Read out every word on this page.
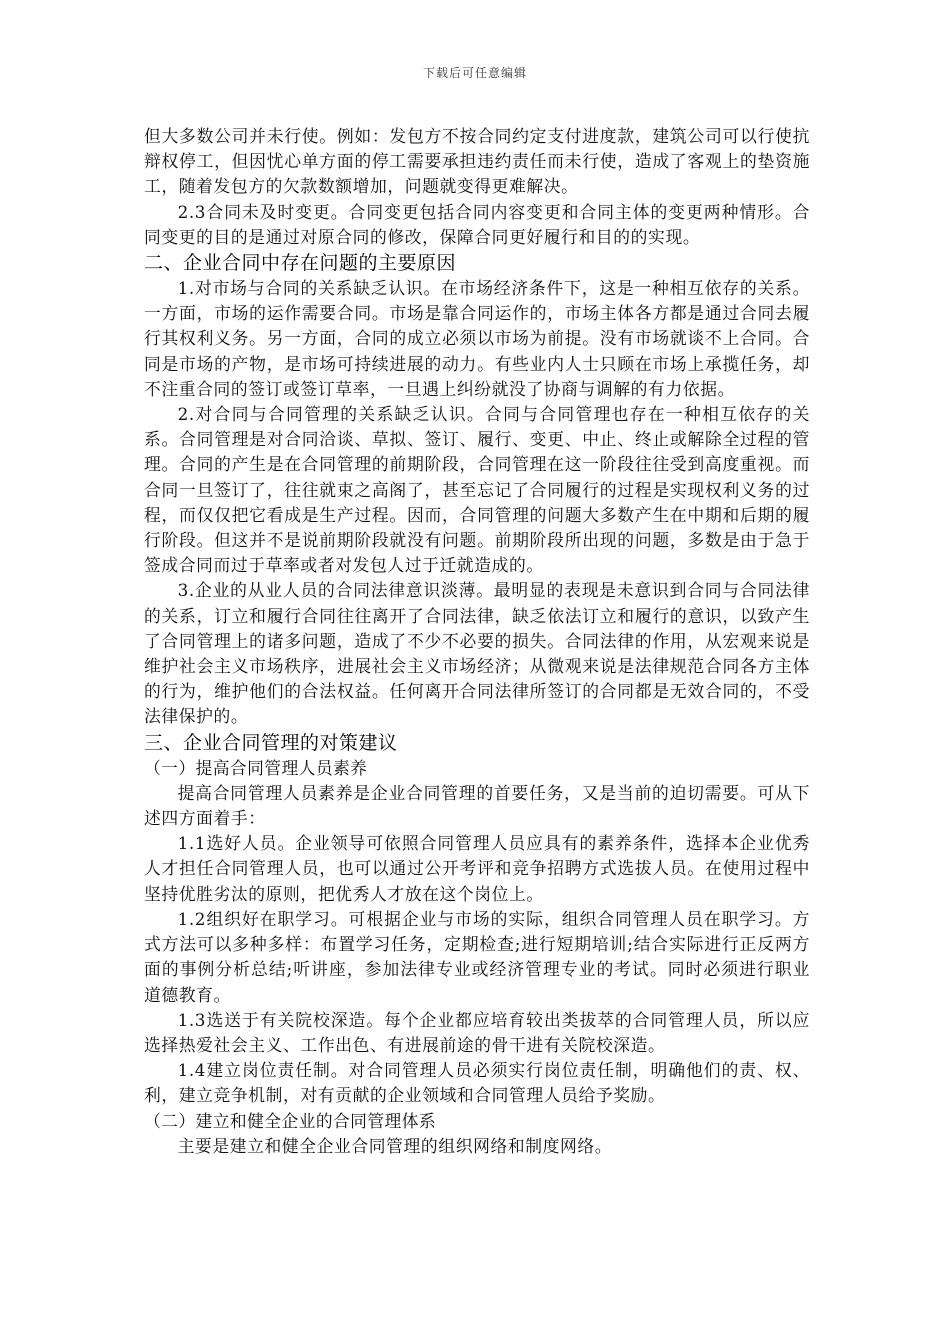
下载后可任意编辑

但大多数公司并未行使。例如：发包方不按合同约定支付进度款，建筑公司可以行使抗辩权停工，但因忧心单方面的停工需要承担违约责任而未行使，造成了客观上的垫资施工，随着发包方的欠款数额增加，问题就变得更难解决。

2.3合同未及时变更。合同变更包括合同内容变更和合同主体的变更两种情形。合同变更的目的是通过对原合同的修改，保障合同更好履行和目的的实现。

二、企业合同中存在问题的主要原因

1.对市场与合同的关系缺乏认识。在市场经济条件下，这是一种相互依存的关系。一方面，市场的运作需要合同。市场是靠合同运作的，市场主体各方都是通过合同去履行其权利义务。另一方面，合同的成立必须以市场为前提。没有市场就谈不上合同。合同是市场的产物，是市场可持续进展的动力。有些业内人士只顾在市场上承揽任务，却不注重合同的签订或签订草率，一旦遇上纠纷就没了协商与调解的有力依据。

2.对合同与合同管理的关系缺乏认识。合同与合同管理也存在一种相互依存的关系。合同管理是对合同洽谈、草拟、签订、履行、变更、中止、终止或解除全过程的管理。合同的产生是在合同管理的前期阶段，合同管理在这一阶段往往受到高度重视。而合同一旦签订了，往往就束之高阁了，甚至忘记了合同履行的过程是实现权利义务的过程，而仅仅把它看成是生产过程。因而，合同管理的问题大多数产生在中期和后期的履行阶段。但这并不是说前期阶段就没有问题。前期阶段所出现的问题，多数是由于急于签成合同而过于草率或者对发包人过于迁就造成的。

3.企业的从业人员的合同法律意识淡薄。最明显的表现是未意识到合同与合同法律的关系，订立和履行合同往往离开了合同法律，缺乏依法订立和履行的意识，以致产生了合同管理上的诸多问题，造成了不少不必要的损失。合同法律的作用，从宏观来说是维护社会主义市场秩序，进展社会主义市场经济；从微观来说是法律规范合同各方主体的行为，维护他们的合法权益。任何离开合同法律所签订的合同都是无效合同的，不受法律保护的。

三、企业合同管理的对策建议

（一）提高合同管理人员素养

提高合同管理人员素养是企业合同管理的首要任务，又是当前的迫切需要。可从下述四方面着手：

1.1选好人员。企业领导可依照合同管理人员应具有的素养条件，选择本企业优秀人才担任合同管理人员，也可以通过公开考评和竞争招聘方式选拔人员。在使用过程中坚持优胜劣汰的原则，把优秀人才放在这个岗位上。

1.2组织好在职学习。可根据企业与市场的实际，组织合同管理人员在职学习。方式方法可以多种多样：布置学习任务，定期检查;进行短期培训;结合实际进行正反两方面的事例分析总结;听讲座，参加法律专业或经济管理专业的考试。同时必须进行职业道德教育。

1.3选送于有关院校深造。每个企业都应培育较出类拔萃的合同管理人员，所以应选择热爱社会主义、工作出色、有进展前途的骨干进有关院校深造。

1.4建立岗位责任制。对合同管理人员必须实行岗位责任制，明确他们的责、权、利，建立竞争机制，对有贡献的企业领域和合同管理人员给予奖励。

（二）建立和健全企业的合同管理体系

主要是建立和健全企业合同管理的组织网络和制度网络。
